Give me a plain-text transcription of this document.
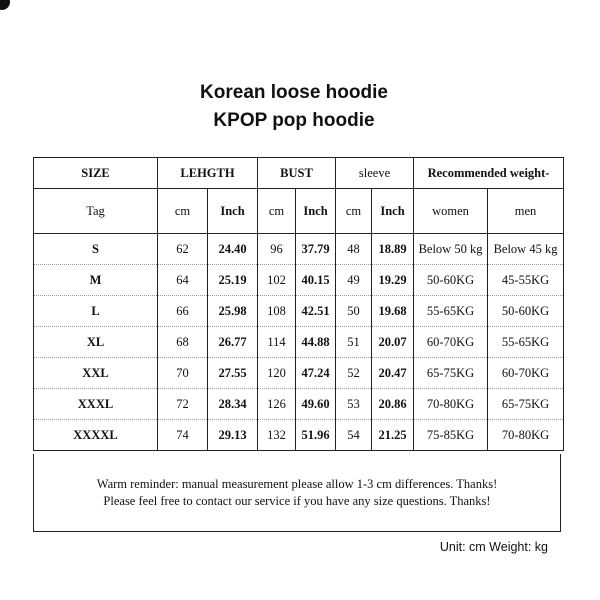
Korean loose hoodie
KPOP pop hoodie
SIZE	LEHGTH		BUST		sleeve		Recommended weight-	
Tag	cm	Inch	cm	Inch	cm	Inch	women	men
S	62	24.40	96	37.79	48	18.89	Below 50 kg	Below 45 kg
M	64	25.19	102	40.15	49	19.29	50-60KG	45-55KG
L	66	25.98	108	42.51	50	19.68	55-65KG	50-60KG
XL	68	26.77	114	44.88	51	20.07	60-70KG	55-65KG
XXL	70	27.55	120	47.24	52	20.47	65-75KG	60-70KG
XXXL	72	28.34	126	49.60	53	20.86	70-80KG	65-75KG
XXXXL	74	29.13	132	51.96	54	21.25	75-85KG	70-80KG
Warm reminder: manual measurement please allow 1-3 cm differences. Thanks!
Please feel free to contact our service if you have any size questions. Thanks!
Unit: cm Weight: kg
